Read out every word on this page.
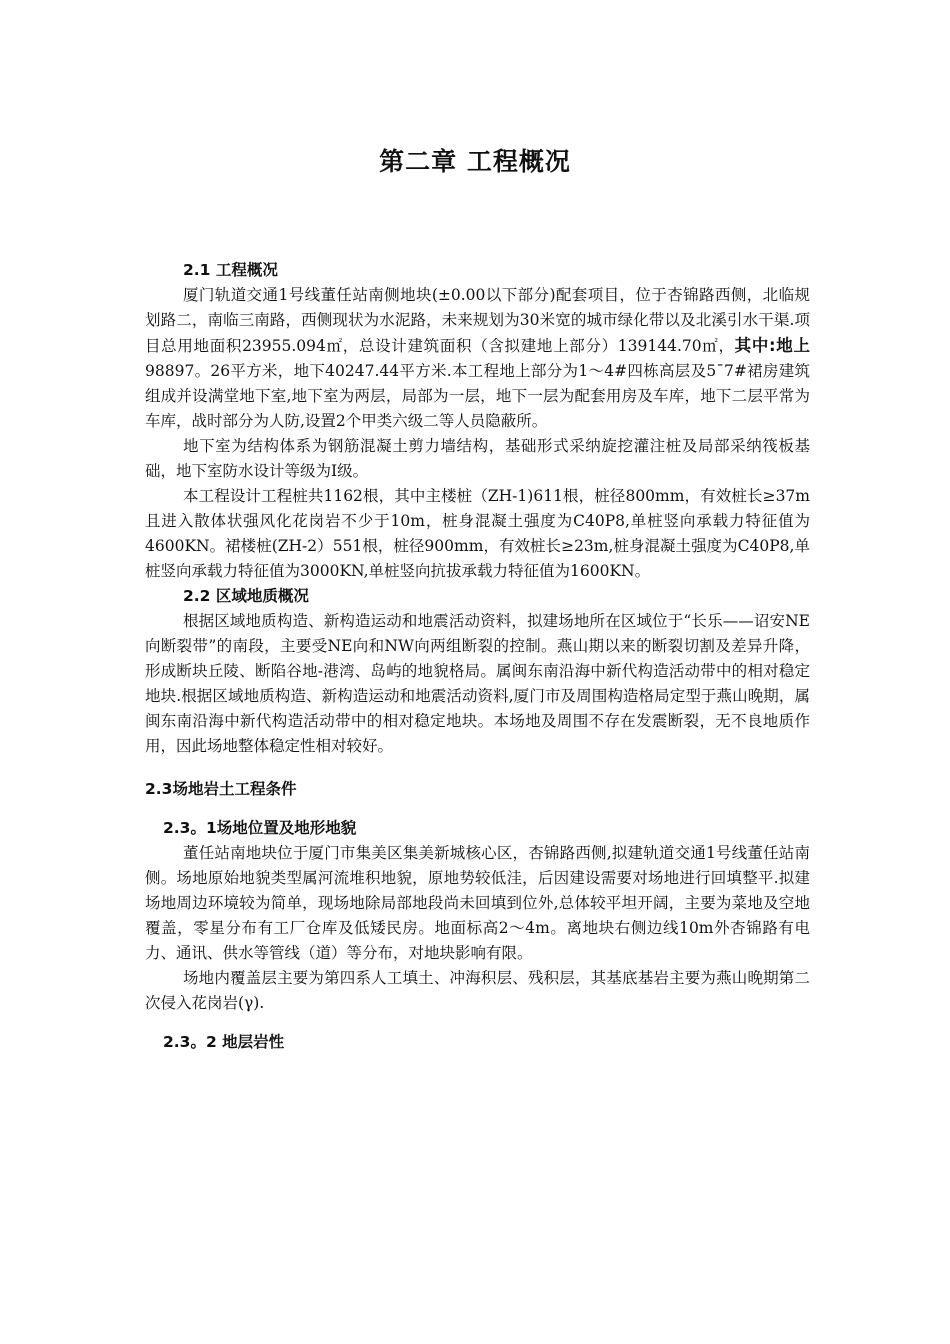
第二章 工程概况

2.1 工程概况

厦门轨道交通1号线董任站南侧地块(±0.00以下部分)配套项目，位于杏锦路西侧，北临规划路二，南临三南路，西侧现状为水泥路，未来规划为30米宽的城市绿化带以及北溪引水干渠.项目总用地面积23955.094㎡，总设计建筑面积（含拟建地上部分）139144.70㎡，其中:地上98897。26平方米，地下40247.44平方米.本工程地上部分为1～4#四栋高层及5¯7#裙房建筑组成并设满堂地下室,地下室为两层，局部为一层，地下一层为配套用房及车库，地下二层平常为车库，战时部分为人防,设置2个甲类六级二等人员隐蔽所。

地下室为结构体系为钢筋混凝土剪力墙结构，基础形式采纳旋挖灌注桩及局部采纳筏板基础，地下室防水设计等级为Ⅰ级。

本工程设计工程桩共1162根，其中主楼桩（ZH-1)611根，桩径800mm，有效桩长≥37m且进入散体状强风化花岗岩不少于10m，桩身混凝土强度为C40P8,单桩竖向承载力特征值为4600KN。裙楼桩(ZH-2）551根，桩径900mm，有效桩长≥23m,桩身混凝土强度为C40P8,单桩竖向承载力特征值为3000KN,单桩竖向抗拔承载力特征值为1600KN。

2.2 区域地质概况

根据区域地质构造、新构造运动和地震活动资料，拟建场地所在区域位于“长乐——诏安NE向断裂带”的南段，主要受NE向和NW向两组断裂的控制。燕山期以来的断裂切割及差异升降，形成断块丘陵、断陷谷地-港湾、岛屿的地貌格局。属闽东南沿海中新代构造活动带中的相对稳定地块.根据区域地质构造、新构造运动和地震活动资料,厦门市及周围构造格局定型于燕山晚期，属闽东南沿海中新代构造活动带中的相对稳定地块。本场地及周围不存在发震断裂，无不良地质作用，因此场地整体稳定性相对较好。

2.3场地岩土工程条件

2.3。1场地位置及地形地貌

董任站南地块位于厦门市集美区集美新城核心区，杏锦路西侧,拟建轨道交通1号线董任站南侧。场地原始地貌类型属河流堆积地貌，原地势较低洼，后因建设需要对场地进行回填整平.拟建场地周边环境较为简单，现场地除局部地段尚未回填到位外,总体较平坦开阔，主要为菜地及空地覆盖，零星分布有工厂仓库及低矮民房。地面标高2～4m。离地块右侧边线10m外杏锦路有电力、通讯、供水等管线（道）等分布，对地块影响有限。

场地内覆盖层主要为第四系人工填土、冲海积层、残积层，其基底基岩主要为燕山晚期第二次侵入花岗岩(γ).

2.3。2 地层岩性
